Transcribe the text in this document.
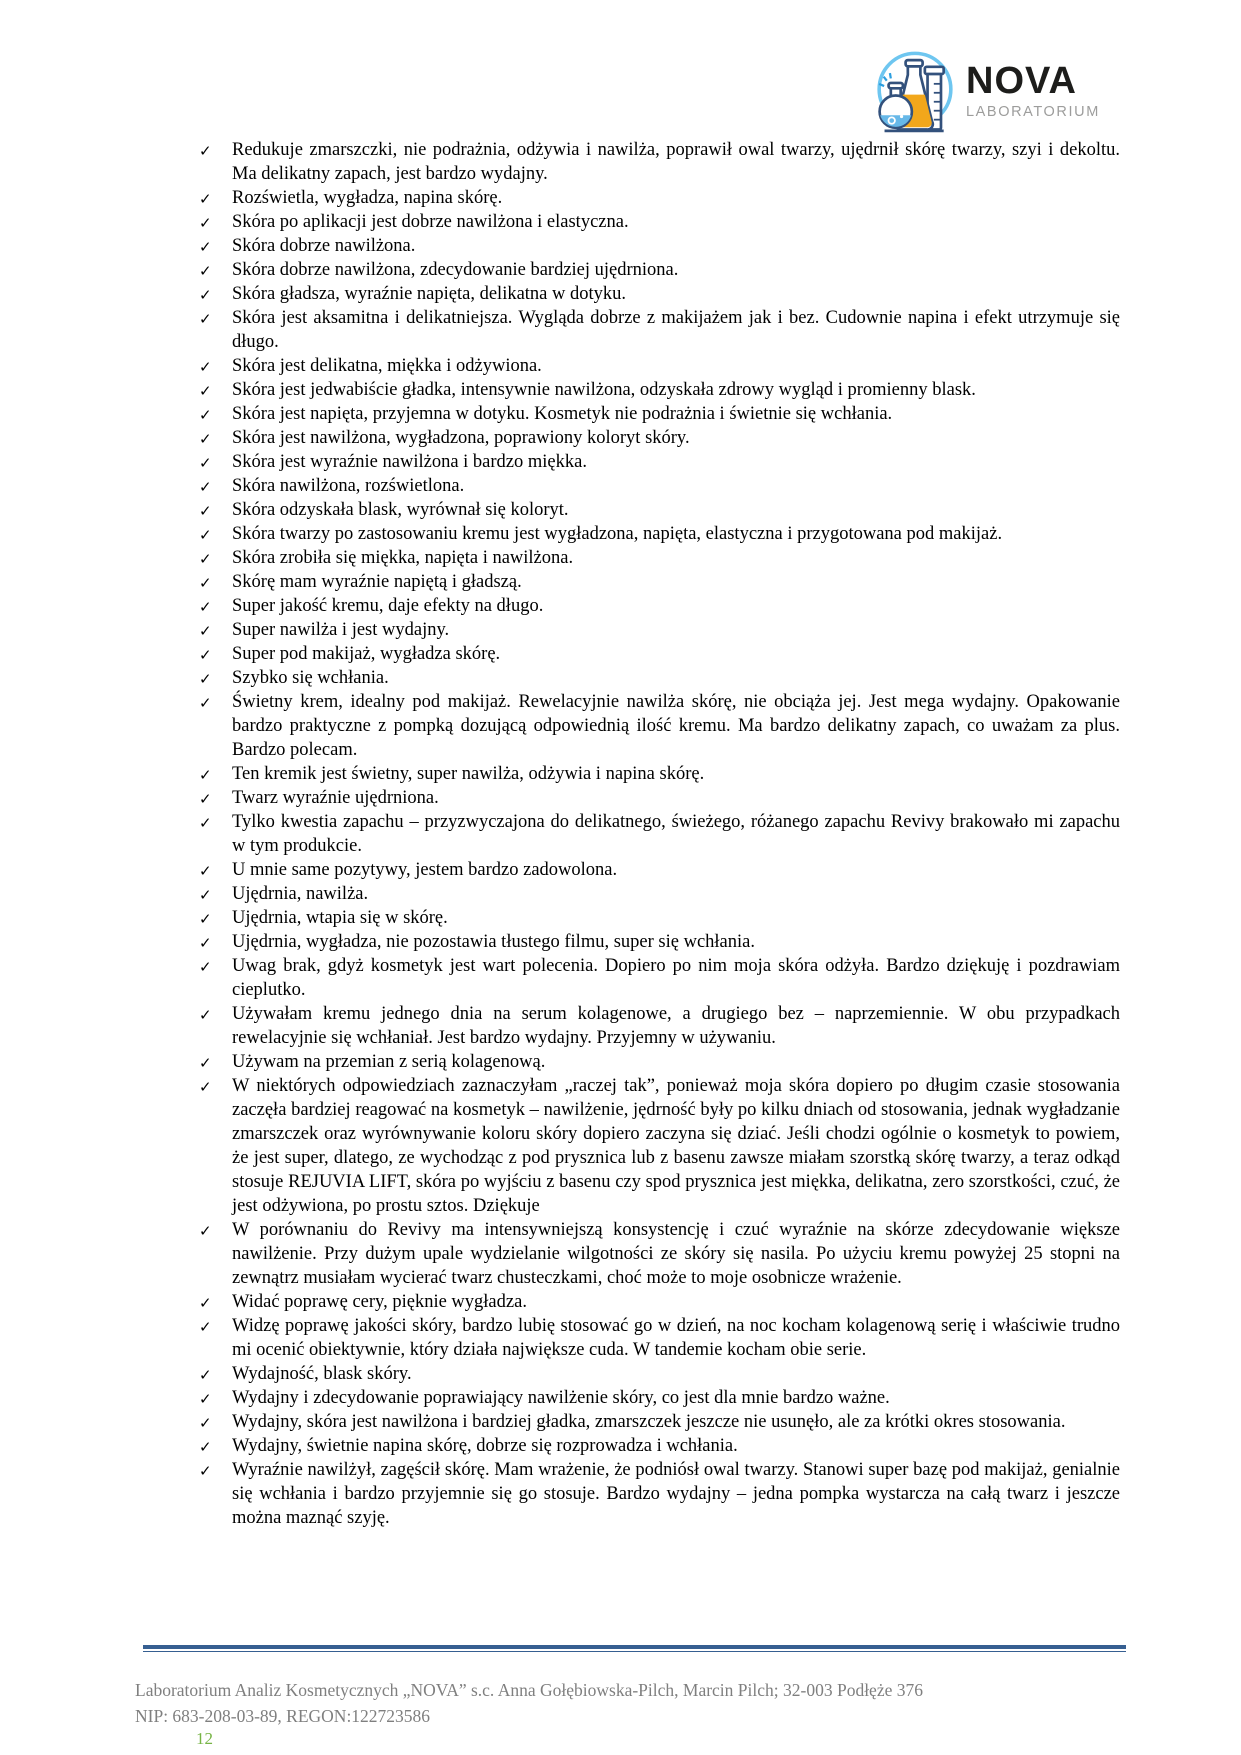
NOVA
LABORATORIUM
✓ Redukuje zmarszczki, nie podrażnia, odżywia i nawilża, poprawił owal twarzy, ujędrnił skórę twarzy, szyi i dekoltu. Ma delikatny zapach, jest bardzo wydajny.
✓ Rozświetla, wygładza, napina skórę.
✓ Skóra po aplikacji jest dobrze nawilżona i elastyczna.
✓ Skóra dobrze nawilżona.
✓ Skóra dobrze nawilżona, zdecydowanie bardziej ujędrniona.
✓ Skóra gładsza, wyraźnie napięta, delikatna w dotyku.
✓ Skóra jest aksamitna i delikatniejsza. Wygląda dobrze z makijażem jak i bez. Cudownie napina i efekt utrzymuje się długo.
✓ Skóra jest delikatna, miękka i odżywiona.
✓ Skóra jest jedwabiście gładka, intensywnie nawilżona, odzyskała zdrowy wygląd i promienny blask.
✓ Skóra jest napięta, przyjemna w dotyku. Kosmetyk nie podrażnia i świetnie się wchłania.
✓ Skóra jest nawilżona, wygładzona, poprawiony koloryt skóry.
✓ Skóra jest wyraźnie nawilżona i bardzo miękka.
✓ Skóra nawilżona, rozświetlona.
✓ Skóra odzyskała blask, wyrównał się koloryt.
✓ Skóra twarzy po zastosowaniu kremu jest wygładzona, napięta, elastyczna i przygotowana pod makijaż.
✓ Skóra zrobiła się miękka, napięta i nawilżona.
✓ Skórę mam wyraźnie napiętą i gładszą.
✓ Super jakość kremu, daje efekty na długo.
✓ Super nawilża i jest wydajny.
✓ Super pod makijaż, wygładza skórę.
✓ Szybko się wchłania.
✓ Świetny krem, idealny pod makijaż. Rewelacyjnie nawilża skórę, nie obciąża jej. Jest mega wydajny. Opakowanie bardzo praktyczne z pompką dozującą odpowiednią ilość kremu. Ma bardzo delikatny zapach, co uważam za plus. Bardzo polecam.
✓ Ten kremik jest świetny, super nawilża, odżywia i napina skórę.
✓ Twarz wyraźnie ujędrniona.
✓ Tylko kwestia zapachu – przyzwyczajona do delikatnego, świeżego, różanego zapachu Revivy brakowało mi zapachu w tym produkcie.
✓ U mnie same pozytywy, jestem bardzo zadowolona.
✓ Ujędrnia, nawilża.
✓ Ujędrnia, wtapia się w skórę.
✓ Ujędrnia, wygładza, nie pozostawia tłustego filmu, super się wchłania.
✓ Uwag brak, gdyż kosmetyk jest wart polecenia. Dopiero po nim moja skóra odżyła. Bardzo dziękuję i pozdrawiam cieplutko.
✓ Używałam kremu jednego dnia na serum kolagenowe, a drugiego bez – naprzemiennie. W obu przypadkach rewelacyjnie się wchłaniał. Jest bardzo wydajny. Przyjemny w używaniu.
✓ Używam na przemian z serią kolagenową.
✓ W niektórych odpowiedziach zaznaczyłam „raczej tak”, ponieważ moja skóra dopiero po długim czasie stosowania zaczęła bardziej reagować na kosmetyk – nawilżenie, jędrność były po kilku dniach od stosowania, jednak wygładzanie zmarszczek oraz wyrównywanie koloru skóry dopiero zaczyna się dziać. Jeśli chodzi ogólnie o kosmetyk to powiem, że jest super, dlatego, ze wychodząc z pod prysznica lub z basenu zawsze miałam szorstką skórę twarzy, a teraz odkąd stosuje REJUVIA LIFT, skóra po wyjściu z basenu czy spod prysznica jest miękka, delikatna, zero szorstkości, czuć, że jest odżywiona, po prostu sztos. Dziękuje
✓ W porównaniu do Revivy ma intensywniejszą konsystencję i czuć wyraźnie na skórze zdecydowanie większe nawilżenie. Przy dużym upale wydzielanie wilgotności ze skóry się nasila. Po użyciu kremu powyżej 25 stopni na zewnątrz musiałam wycierać twarz chusteczkami, choć może to moje osobnicze wrażenie.
✓ Widać poprawę cery, pięknie wygładza.
✓ Widzę poprawę jakości skóry, bardzo lubię stosować go w dzień, na noc kocham kolagenową serię i właściwie trudno mi ocenić obiektywnie, który działa największe cuda. W tandemie kocham obie serie.
✓ Wydajność, blask skóry.
✓ Wydajny i zdecydowanie poprawiający nawilżenie skóry, co jest dla mnie bardzo ważne.
✓ Wydajny, skóra jest nawilżona i bardziej gładka, zmarszczek jeszcze nie usunęło, ale za krótki okres stosowania.
✓ Wydajny, świetnie napina skórę, dobrze się rozprowadza i wchłania.
✓ Wyraźnie nawilżył, zagęścił skórę. Mam wrażenie, że podniósł owal twarzy. Stanowi super bazę pod makijaż, genialnie się wchłania i bardzo przyjemnie się go stosuje. Bardzo wydajny – jedna pompka wystarcza na całą twarz i jeszcze można maznąć szyję.
Laboratorium Analiz Kosmetycznych „NOVA” s.c. Anna Gołębiowska-Pilch, Marcin Pilch; 32-003 Podłęże 376
NIP: 683-208-03-89, REGON:122723586
12
